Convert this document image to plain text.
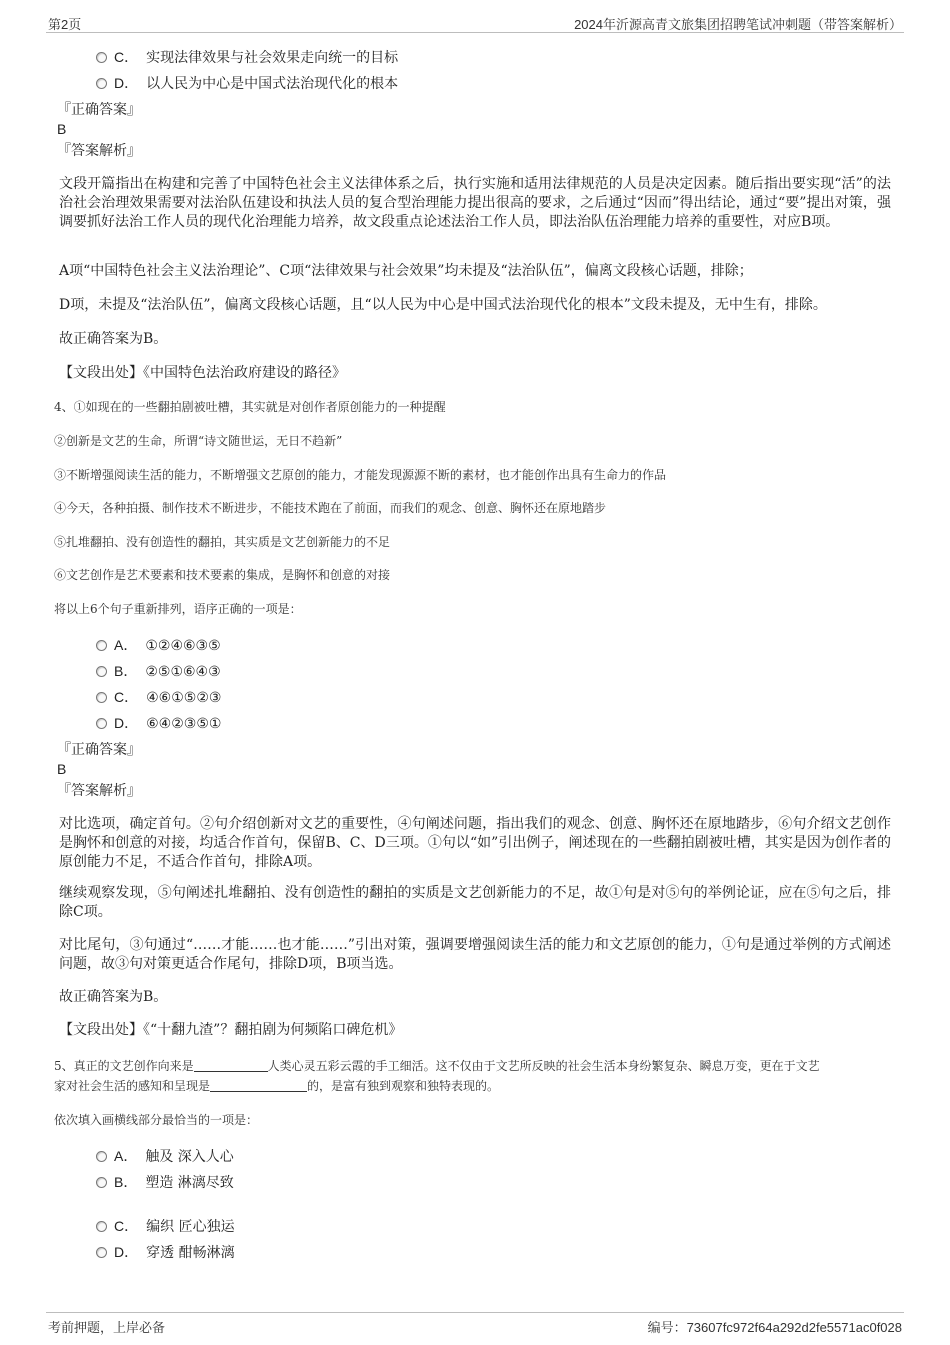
第2页	2024年沂源高青文旅集团招聘笔试冲刺题（带答案解析）
C． 实现法律效果与社会效果走向统一的目标
D． 以人民为中心是中国式法治现代化的根本
『正确答案』
B
『答案解析』
文段开篇指出在构建和完善了中国特色社会主义法律体系之后，执行实施和适用法律规范的人员是决定因素。随后指出要实现“活”的法治社会治理效果需要对法治队伍建设和执法人员的复合型治理能力提出很高的要求，之后通过“因而”得出结论，通过“要”提出对策，强调要抓好法治工作人员的现代化治理能力培养，故文段重点论述法治工作人员，即法治队伍治理能力培养的重要性，对应B项。
A项“中国特色社会主义法治理论”、C项“法律效果与社会效果”均未提及“法治队伍”，偏离文段核心话题，排除；
D项，未提及“法治队伍”，偏离文段核心话题，且“以人民为中心是中国式法治现代化的根本”文段未提及，无中生有，排除。
故正确答案为B。
【文段出处】《中国特色法治政府建设的路径》
4、①如现在的一些翻拍剧被吐槽，其实就是对创作者原创能力的一种提醒
②创新是文艺的生命，所谓“诗文随世运，无日不趋新”
③不断增强阅读生活的能力，不断增强文艺原创的能力，才能发现源源不断的素材，也才能创作出具有生命力的作品
④今天，各种拍摄、制作技术不断进步，不能技术跑在了前面，而我们的观念、创意、胸怀还在原地踏步
⑤扎堆翻拍、没有创造性的翻拍，其实质是文艺创新能力的不足
⑥文艺创作是艺术要素和技术要素的集成，是胸怀和创意的对接
将以上6个句子重新排列，语序正确的一项是：
A． ①②④⑥③⑤
B． ②⑤①⑥④③
C． ④⑥①⑤②③
D． ⑥④②③⑤①
『正确答案』
B
『答案解析』
对比选项，确定首句。②句介绍创新对文艺的重要性，④句阐述问题，指出我们的观念、创意、胸怀还在原地踏步，⑥句介绍文艺创作是胸怀和创意的对接，均适合作首句，保留B、C、D三项。①句以“如”引出例子，阐述现在的一些翻拍剧被吐槽，其实是因为创作者的原创能力不足，不适合作首句，排除A项。
继续观察发现，⑤句阐述扎堆翻拍、没有创造性的翻拍的实质是文艺创新能力的不足，故①句是对⑤句的举例论证，应在⑤句之后，排除C项。
对比尾句，③句通过“……才能……也才能……”引出对策，强调要增强阅读生活的能力和文艺原创的能力，①句是通过举例的方式阐述问题，故③句对策更适合作尾句，排除D项，B项当选。
故正确答案为B。
【文段出处】《“十翻九渣”？翻拍剧为何频陷口碑危机》
5、真正的文艺创作向来是	人类心灵五彩云霞的手工细活。这不仅由于文艺所反映的社会生活本身纷繁复杂、瞬息万变，更在于文艺
家对社会生活的感知和呈现是	的，是富有独到观察和独特表现的。
依次填入画横线部分最恰当的一项是：
A． 触及 深入人心
B． 塑造 淋漓尽致
C． 编织 匠心独运
D． 穿透 酣畅淋漓
考前押题，上岸必备	编号：73607fc972f64a292d2fe5571ac0f028
